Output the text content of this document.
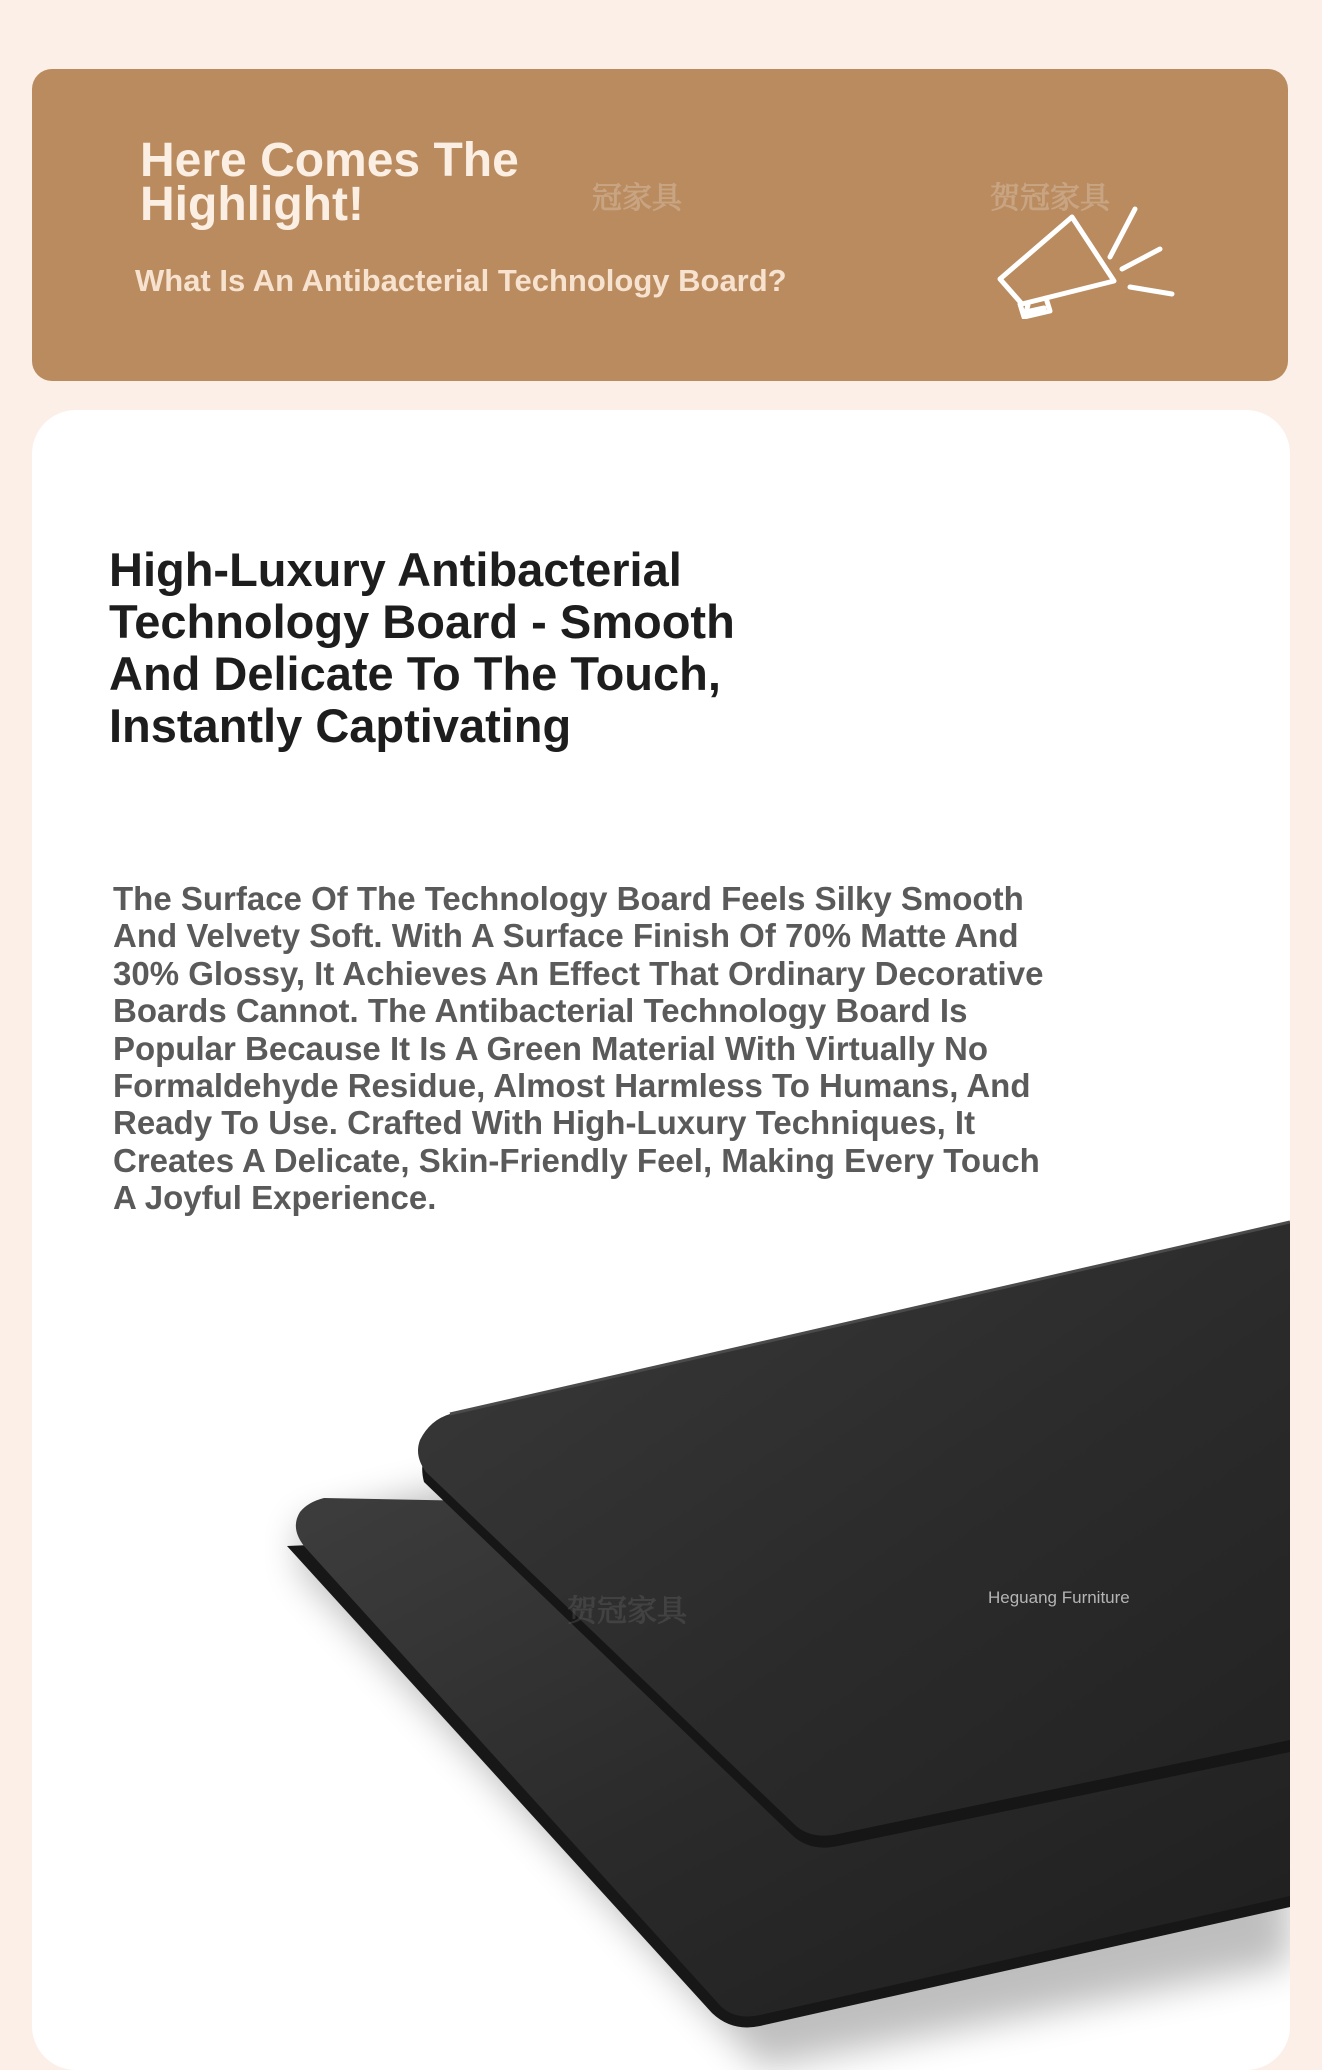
Here Comes The Highlight!

What Is An Antibacterial Technology Board?

冠家具	贺冠家具
High-Luxury Antibacterial Technology Board - Smooth And Delicate To The Touch, Instantly Captivating

The Surface Of The Technology Board Feels Silky Smooth And Velvety Soft. With A Surface Finish Of 70% Matte And 30% Glossy, It Achieves An Effect That Ordinary Decorative Boards Cannot. The Antibacterial Technology Board Is Popular Because It Is A Green Material With Virtually No Formaldehyde Residue, Almost Harmless To Humans, And Ready To Use. Crafted With High-Luxury Techniques, It Creates A Delicate, Skin-Friendly Feel, Making Every Touch A Joyful Experience.

贺冠家具	Heguang Furniture
